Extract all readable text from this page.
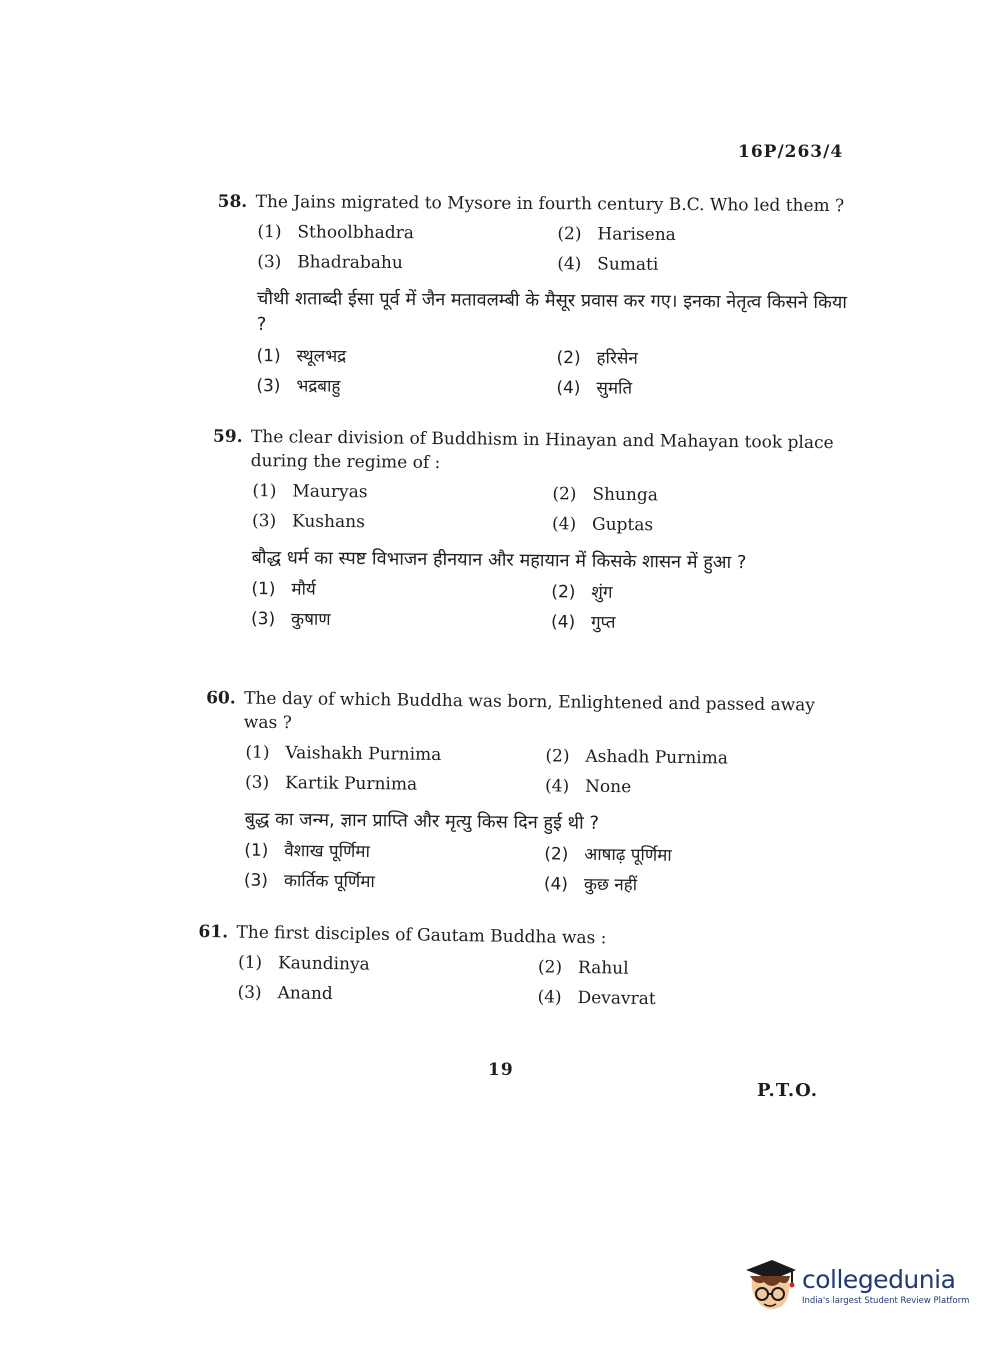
16P/263/4
58. The Jains migrated to Mysore in fourth century B.C. Who led them ?
(1) Sthoolbhadra	(2) Harisena
(3) Bhadrabahu	(4) Sumati
चौथी शताब्दी ईसा पूर्व में जैन मतावलम्बी के मैसूर प्रवास कर गए। इनका नेतृत्व किसने किया ?
(1) स्थूलभद्र	(2) हरिसेन
(3) भद्रबाहु	(4) सुमति
59. The clear division of Buddhism in Hinayan and Mahayan took place during the regime of :
(1) Mauryas	(2) Shunga
(3) Kushans	(4) Guptas
बौद्ध धर्म का स्पष्ट विभाजन हीनयान और महायान में किसके शासन में हुआ ?
(1) मौर्य	(2) शुंग
(3) कुषाण	(4) गुप्त
60. The day of which Buddha was born, Enlightened and passed away was ?
(1) Vaishakh Purnima	(2) Ashadh Purnima
(3) Kartik Purnima	(4) None
बुद्ध का जन्म, ज्ञान प्राप्ति और मृत्यु किस दिन हुई थी ?
(1) वैशाख पूर्णिमा	(2) आषाढ़ पूर्णिमा
(3) कार्तिक पूर्णिमा	(4) कुछ नहीं
61. The first disciples of Gautam Buddha was :
(1) Kaundinya	(2) Rahul
(3) Anand	(4) Devavrat
19
P.T.O.
collegedunia
India's largest Student Review Platform
